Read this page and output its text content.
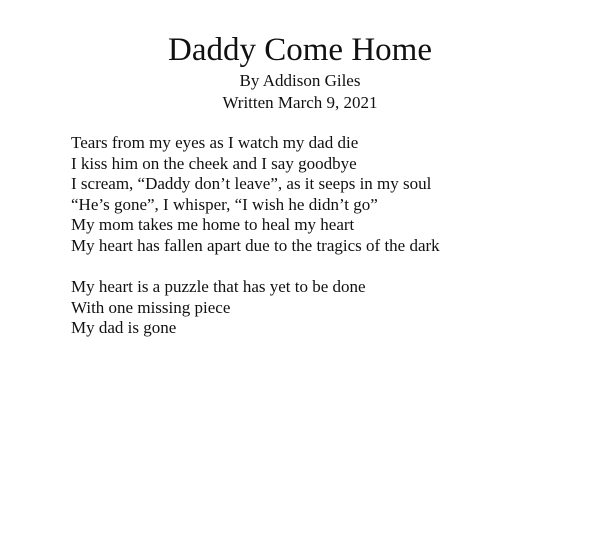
Daddy Come Home
By Addison Giles
Written March 9, 2021
Tears from my eyes as I watch my dad die
I kiss him on the cheek and I say goodbye
I scream, “Daddy don’t leave”, as it seeps in my soul
“He’s gone”, I whisper, “I wish he didn’t go”
My mom takes me home to heal my heart
My heart has fallen apart due to the tragics of the dark
My heart is a puzzle that has yet to be done
With one missing piece
My dad is gone
